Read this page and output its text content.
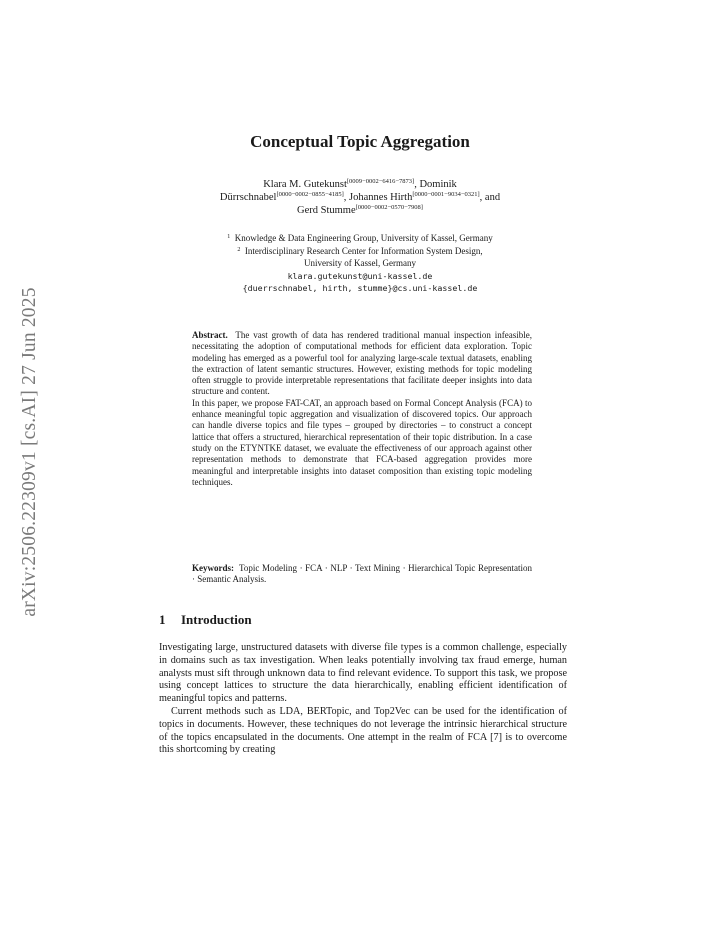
arXiv:2506.22309v1 [cs.AI] 27 Jun 2025
Conceptual Topic Aggregation
Klara M. Gutekunst[0009−0002−6416−7873], Dominik
Dürrschnabel[0000−0002−0855−4185], Johannes Hirth[0000−0001−9034−0321], and
Gerd Stumme[0000−0002−0570−7908]
$^1$ Knowledge & Data Engineering Group, University of Kassel, Germany
$^2$ Interdisciplinary Research Center for Information System Design,
University of Kassel, Germany
klara.gutekunst@uni-kassel.de
{duerrschnabel, hirth, stumme}@cs.uni-kassel.de

Abstract. The vast growth of data has rendered traditional manual inspection infeasible, necessitating the adoption of computational methods for efficient data exploration. Topic modeling has emerged as a powerful tool for analyzing large-scale textual datasets, enabling the extraction of latent semantic structures. However, existing methods for topic modeling often struggle to provide interpretable representations that facilitate deeper insights into data structure and content.

In this paper, we propose FAT-CAT, an approach based on Formal Concept Analysis (FCA) to enhance meaningful topic aggregation and visualization of discovered topics. Our approach can handle diverse topics and file types – grouped by directories – to construct a concept lattice that offers a structured, hierarchical representation of their topic distribution. In a case study on the ETYNTKE dataset, we evaluate the effectiveness of our approach against other representation methods to demonstrate that FCA-based aggregation provides more meaningful and interpretable insights into dataset composition than existing topic modeling techniques.

Keywords: Topic Modeling · FCA · NLP · Text Mining · Hierarchical Topic Representation · Semantic Analysis.
1 Introduction

Investigating large, unstructured datasets with diverse file types is a common challenge, especially in domains such as tax investigation. When leaks potentially involving tax fraud emerge, human analysts must sift through unknown data to find relevant evidence. To support this task, we propose using concept lattices to structure the data hierarchically, enabling efficient identification of meaningful topics and patterns.

Current methods such as LDA, BERTopic, and Top2Vec can be used for the identification of topics in documents. However, these techniques do not leverage the intrinsic hierarchical structure of the topics encapsulated in the documents. One attempt in the realm of FCA [7] is to overcome this shortcoming by creating
